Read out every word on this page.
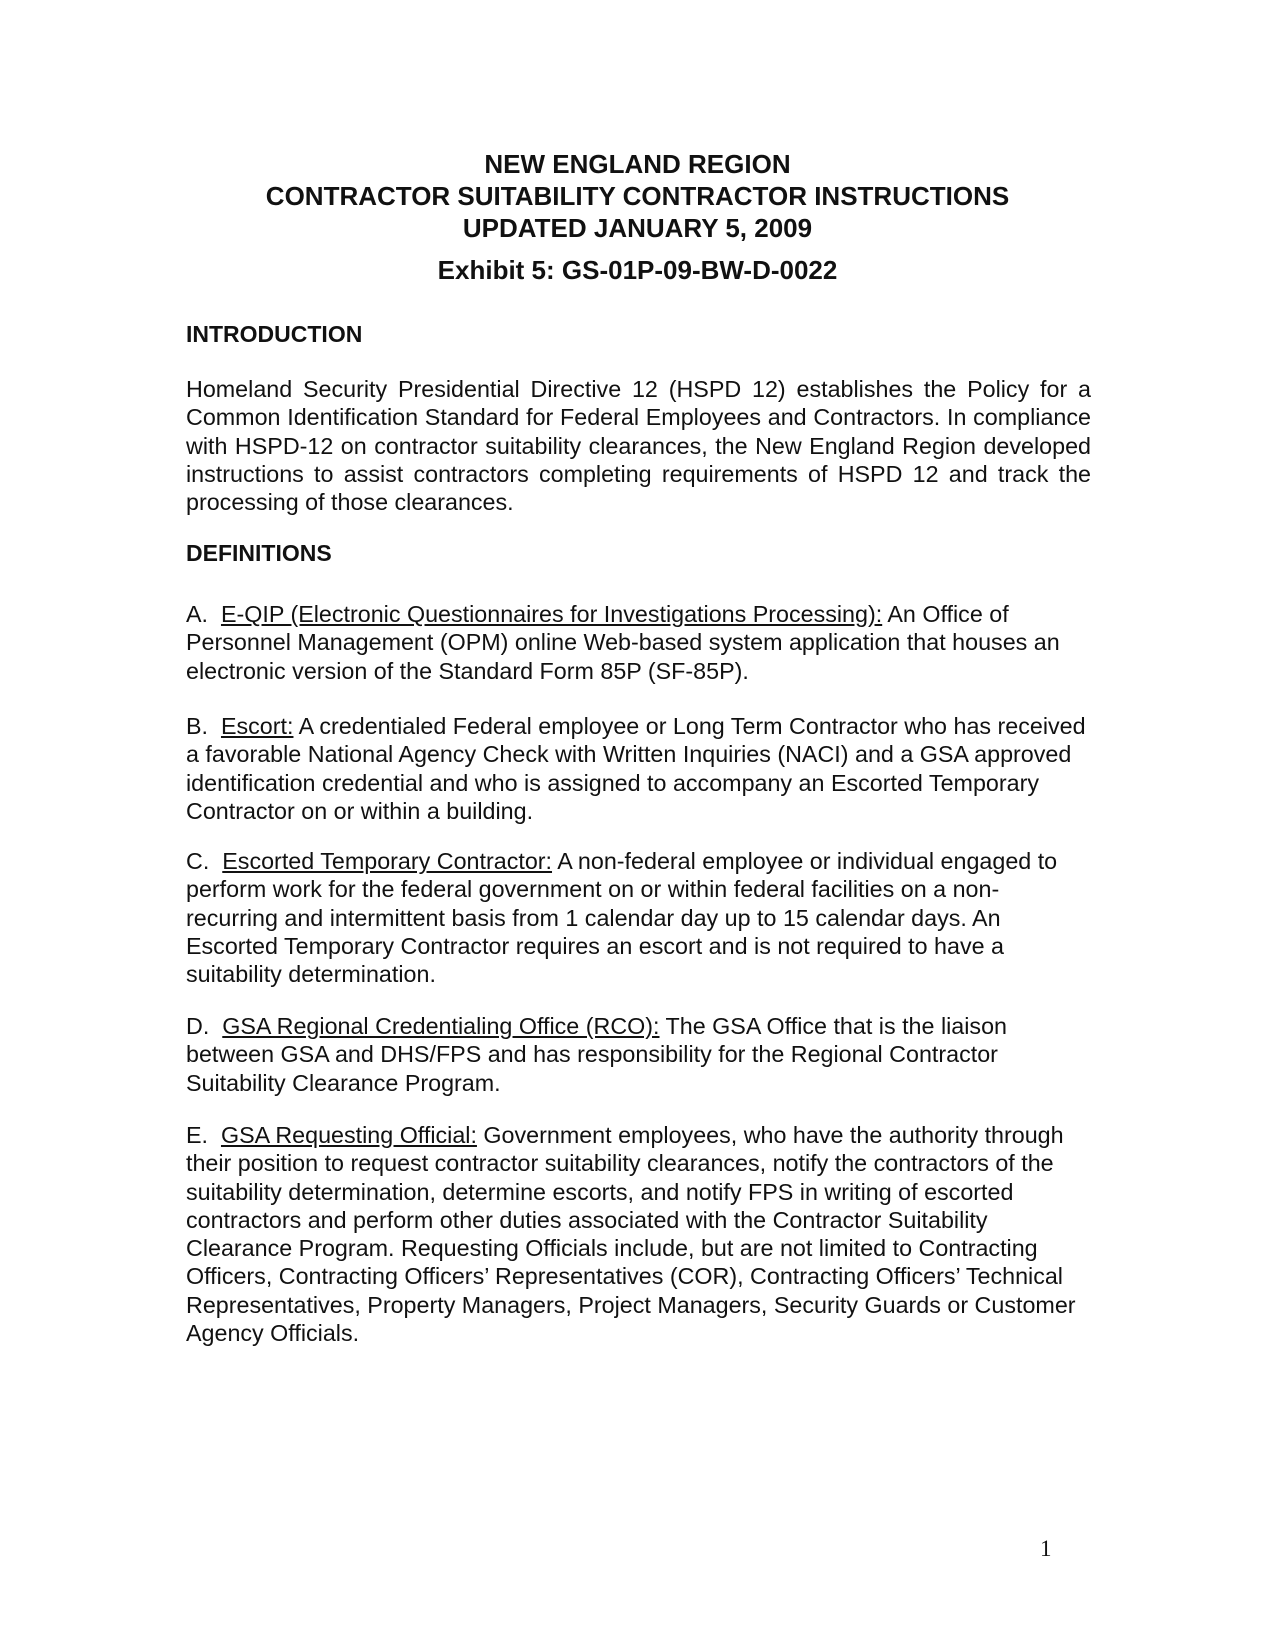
NEW ENGLAND REGION
CONTRACTOR SUITABILITY CONTRACTOR INSTRUCTIONS
UPDATED JANUARY 5, 2009
Exhibit 5: GS-01P-09-BW-D-0022
INTRODUCTION
Homeland Security Presidential Directive 12 (HSPD 12) establishes the Policy for a Common Identification Standard for Federal Employees and Contractors. In compliance with HSPD-12 on contractor suitability clearances, the New England Region developed instructions to assist contractors completing requirements of HSPD 12 and track the processing of those clearances.
DEFINITIONS
A. E-QIP (Electronic Questionnaires for Investigations Processing): An Office of Personnel Management (OPM) online Web-based system application that houses an electronic version of the Standard Form 85P (SF-85P).
B. Escort: A credentialed Federal employee or Long Term Contractor who has received a favorable National Agency Check with Written Inquiries (NACI) and a GSA approved identification credential and who is assigned to accompany an Escorted Temporary Contractor on or within a building.
C. Escorted Temporary Contractor: A non-federal employee or individual engaged to perform work for the federal government on or within federal facilities on a non-recurring and intermittent basis from 1 calendar day up to 15 calendar days. An Escorted Temporary Contractor requires an escort and is not required to have a suitability determination.
D. GSA Regional Credentialing Office (RCO): The GSA Office that is the liaison between GSA and DHS/FPS and has responsibility for the Regional Contractor Suitability Clearance Program.
E. GSA Requesting Official: Government employees, who have the authority through their position to request contractor suitability clearances, notify the contractors of the suitability determination, determine escorts, and notify FPS in writing of escorted contractors and perform other duties associated with the Contractor Suitability Clearance Program. Requesting Officials include, but are not limited to Contracting Officers, Contracting Officers’ Representatives (COR), Contracting Officers’ Technical Representatives, Property Managers, Project Managers, Security Guards or Customer Agency Officials.
1
